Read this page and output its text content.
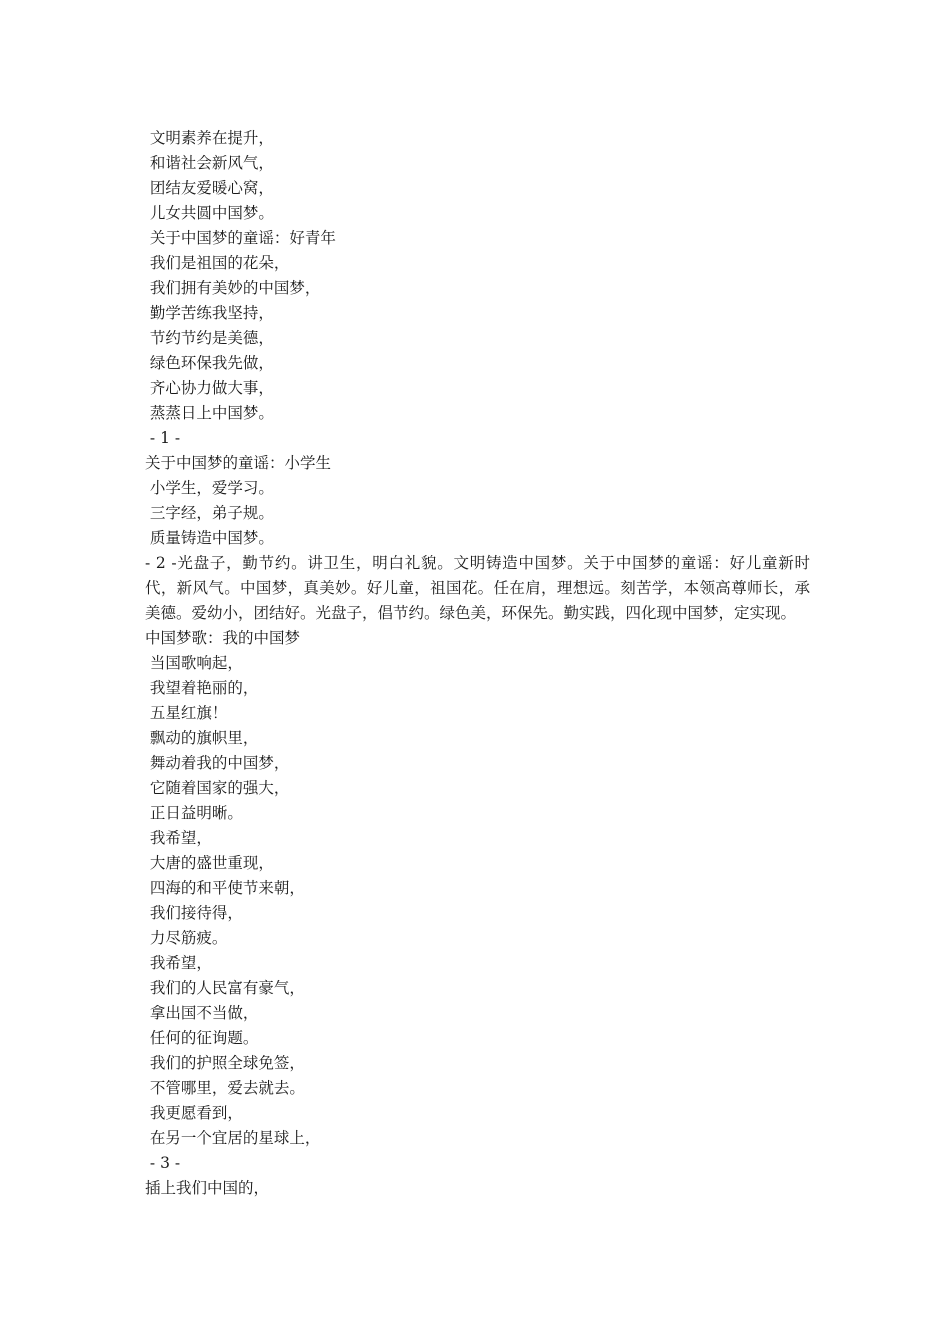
文明素养在提升，
和谐社会新风气，
团结友爱暖心窝，
儿女共圆中国梦。
关于中国梦的童谣：好青年
我们是祖国的花朵，
我们拥有美妙的中国梦，
勤学苦练我坚持，
节约节约是美德，
绿色环保我先做，
齐心协力做大事，
蒸蒸日上中国梦。
- 1 -
关于中国梦的童谣：小学生
小学生，爱学习。
三字经，弟子规。
质量铸造中国梦。
- 2 -光盘子，勤节约。讲卫生，明白礼貌。文明铸造中国梦。关于中国梦的童谣：好儿童新时代，新风气。中国梦，真美妙。好儿童，祖国花。任在肩，理想远。刻苦学，本领高尊师长，承美德。爱幼小，团结好。光盘子，倡节约。绿色美，环保先。勤实践，四化现中国梦，定实现。
中国梦歌：我的中国梦
当国歌响起，
我望着艳丽的，
五星红旗！
飘动的旗帜里，
舞动着我的中国梦，
它随着国家的强大，
正日益明晰。
我希望，
大唐的盛世重现，
四海的和平使节来朝，
我们接待得，
力尽筋疲。
我希望，
我们的人民富有豪气，
拿出国不当做，
任何的征询题。
我们的护照全球免签，
不管哪里，爱去就去。
我更愿看到，
在另一个宜居的星球上，
- 3 -
插上我们中国的，
